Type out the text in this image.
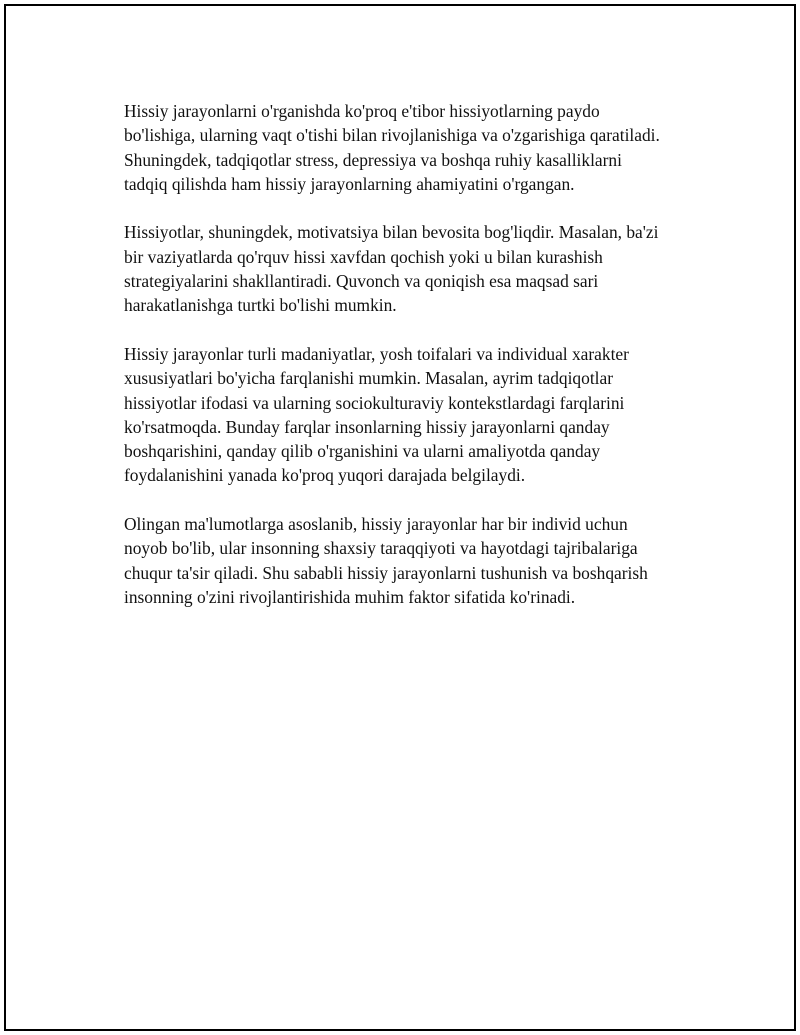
Hissiy jarayonlarni o'rganishda ko'proq e'tibor hissiyotlarning paydo
bo'lishiga, ularning vaqt o'tishi bilan rivojlanishiga va o'zgarishiga qaratiladi.
Shuningdek, tadqiqotlar stress, depressiya va boshqa ruhiy kasalliklarni
tadqiq qilishda ham hissiy jarayonlarning ahamiyatini o'rgangan.

Hissiyotlar, shuningdek, motivatsiya bilan bevosita bog'liqdir. Masalan, ba'zi
bir vaziyatlarda qo'rquv hissi xavfdan qochish yoki u bilan kurashish
strategiyalarini shakllantiradi. Quvonch va qoniqish esa maqsad sari
harakatlanishga turtki bo'lishi mumkin.

Hissiy jarayonlar turli madaniyatlar, yosh toifalari va individual xarakter
xususiyatlari bo'yicha farqlanishi mumkin. Masalan, ayrim tadqiqotlar
hissiyotlar ifodasi va ularning sociokulturaviy kontekstlardagi farqlarini
ko'rsatmoqda. Bunday farqlar insonlarning hissiy jarayonlarni qanday
boshqarishini, qanday qilib o'rganishini va ularni amaliyotda qanday
foydalanishini yanada ko'proq yuqori darajada belgilaydi.

Olingan ma'lumotlarga asoslanib, hissiy jarayonlar har bir individ uchun
noyob bo'lib, ular insonning shaxsiy taraqqiyoti va hayotdagi tajribalariga
chuqur ta'sir qiladi. Shu sababli hissiy jarayonlarni tushunish va boshqarish
insonning o'zini rivojlantirishida muhim faktor sifatida ko'rinadi.
